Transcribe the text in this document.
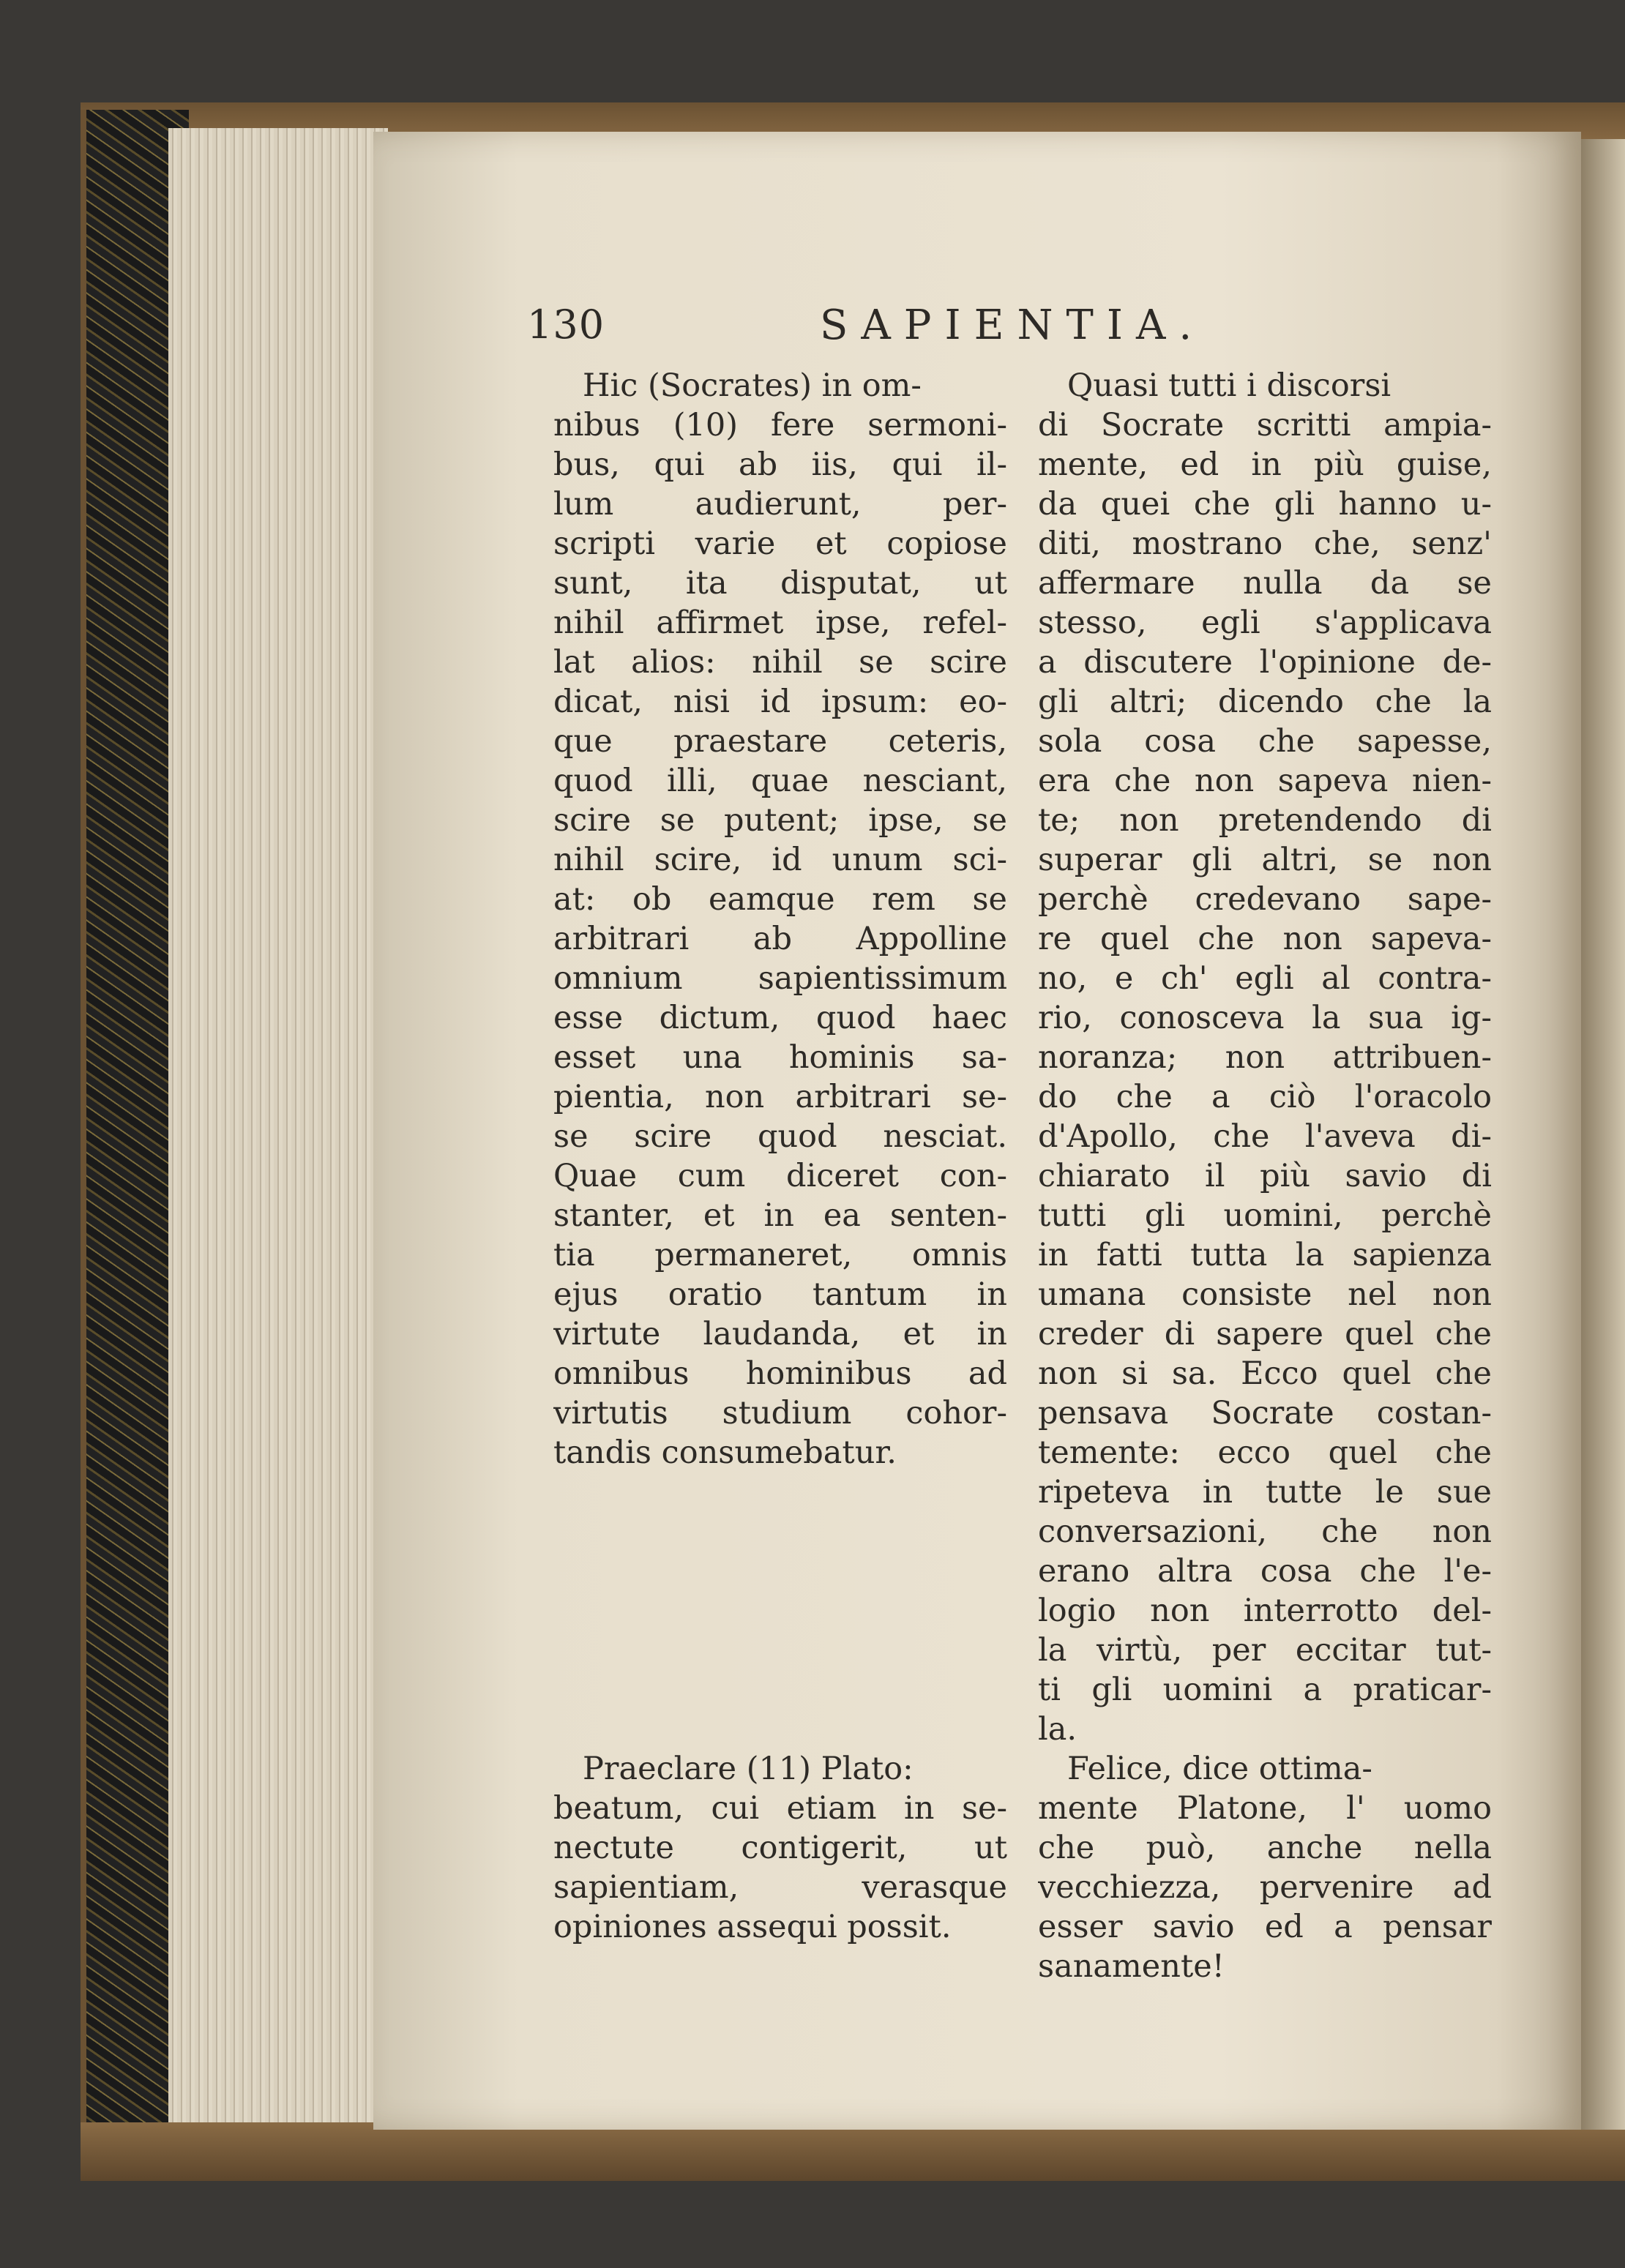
130	SAPIENTIA.
Hic (Socrates) in om-
nibus (10) fere sermoni-
bus, qui ab iis, qui il-
lum audierunt, per-
scripti varie et copiose
sunt, ita disputat, ut
nihil affirmet ipse, refel-
lat alios: nihil se scire
dicat, nisi id ipsum: eo-
que praestare ceteris,
quod illi, quae nesciant,
scire se putent; ipse, se
nihil scire, id unum sci-
at: ob eamque rem se
arbitrari ab Appolline
omnium sapientissimum
esse dictum, quod haec
esset una hominis sa-
pientia, non arbitrari se-
se scire quod nesciat.
Quae cum diceret con-
stanter, et in ea senten-
tia permaneret, omnis
ejus oratio tantum in
virtute laudanda, et in
omnibus hominibus ad
virtutis studium cohor-
tandis consumebatur.
Praeclare (11) Plato:
beatum, cui etiam in se-
nectute contigerit, ut
sapientiam, verasque
opiniones assequi possit.
Quasi tutti i discorsi
di Socrate scritti ampia-
mente, ed in più guise,
da quei che gli hanno u-
diti, mostrano che, senz'
affermare nulla da se
stesso, egli s'applicava
a discutere l'opinione de-
gli altri; dicendo che la
sola cosa che sapesse,
era che non sapeva nien-
te; non pretendendo di
superar gli altri, se non
perchè credevano sape-
re quel che non sapeva-
no, e ch' egli al contra-
rio, conosceva la sua ig-
noranza; non attribuen-
do che a ciò l'oracolo
d'Apollo, che l'aveva di-
chiarato il più savio di
tutti gli uomini, perchè
in fatti tutta la sapienza
umana consiste nel non
creder di sapere quel che
non si sa. Ecco quel che
pensava Socrate costan-
temente: ecco quel che
ripeteva in tutte le sue
conversazioni, che non
erano altra cosa che l'e-
logio non interrotto del-
la virtù, per eccitar tut-
ti gli uomini a praticar-
la.
Felice, dice ottima-
mente Platone, l' uomo
che può, anche nella
vecchiezza, pervenire ad
esser savio ed a pensar
sanamente!
